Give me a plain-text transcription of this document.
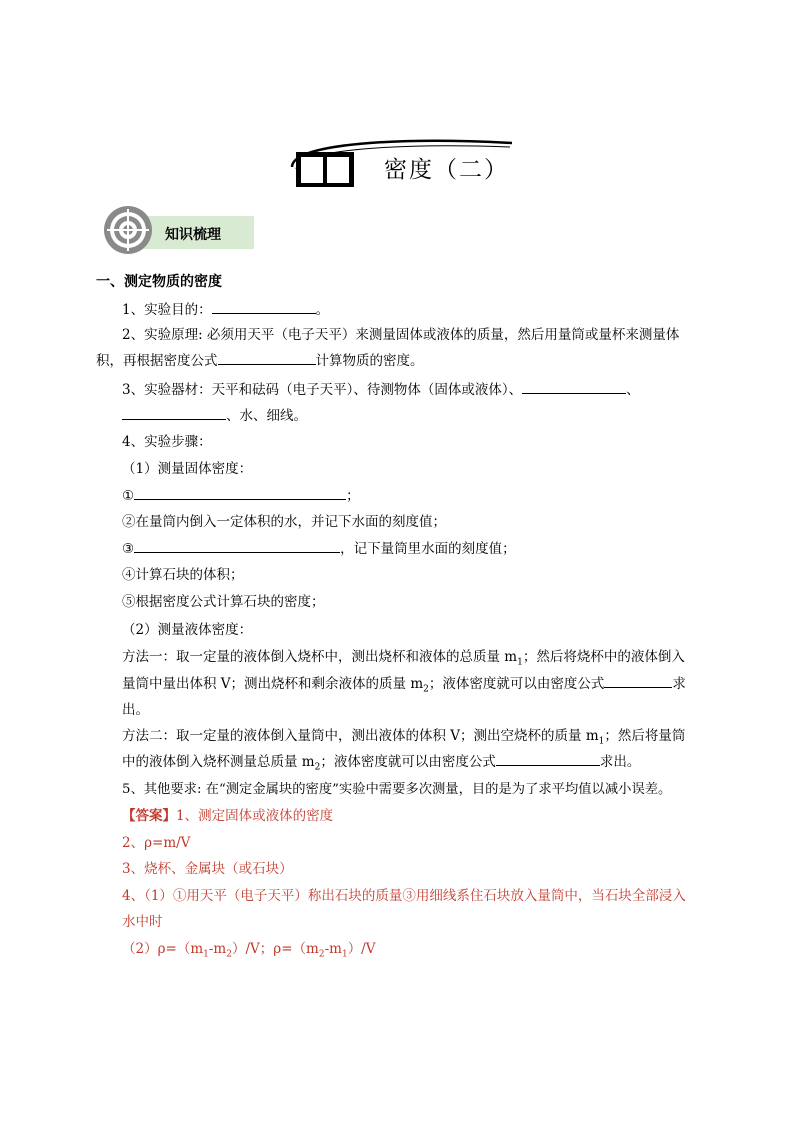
密度（二）
知识梳理
一、测定物质的密度
1、实验目的：	。
2、实验原理: 必须用天平（电子天平）来测量固体或液体的质量，然后用量筒或量杯来测量体
积，再根据密度公式	计算物质的密度。
3、实验器材：天平和砝码（电子天平）、待测物体（固体或液体）、	、
、水、细线。
4、实验步骤：
（1）测量固体密度：
①	；
②在量筒内倒入一定体积的水，并记下水面的刻度值；
③	，记下量筒里水面的刻度值；
④计算石块的体积；
⑤根据密度公式计算石块的密度；
（2）测量液体密度：
方法一：取一定量的液体倒入烧杯中，测出烧杯和液体的总质量 $m_1$；然后将烧杯中的液体倒入
量筒中量出体积 V；测出烧杯和剩余液体的质量 $m_2$；液体密度就可以由密度公式	求
出。
方法二：取一定量的液体倒入量筒中，测出液体的体积 V；测出空烧杯的质量 $m_1$；然后将量筒
中的液体倒入烧杯测量总质量 $m_2$；液体密度就可以由密度公式	求出。
5、其他要求: 在“测定金属块的密度”实验中需要多次测量，目的是为了求平均值以减小误差。
【答案】1、测定固体或液体的密度
2、ρ=m/V
3、烧杯、金属块（或石块）
4、（1）①用天平（电子天平）称出石块的质量③用细线系住石块放入量筒中，当石块全部浸入
水中时
$(2)\rho=(m_1-m_2)/V$；$\rho=(m_2-m_1)/V$
